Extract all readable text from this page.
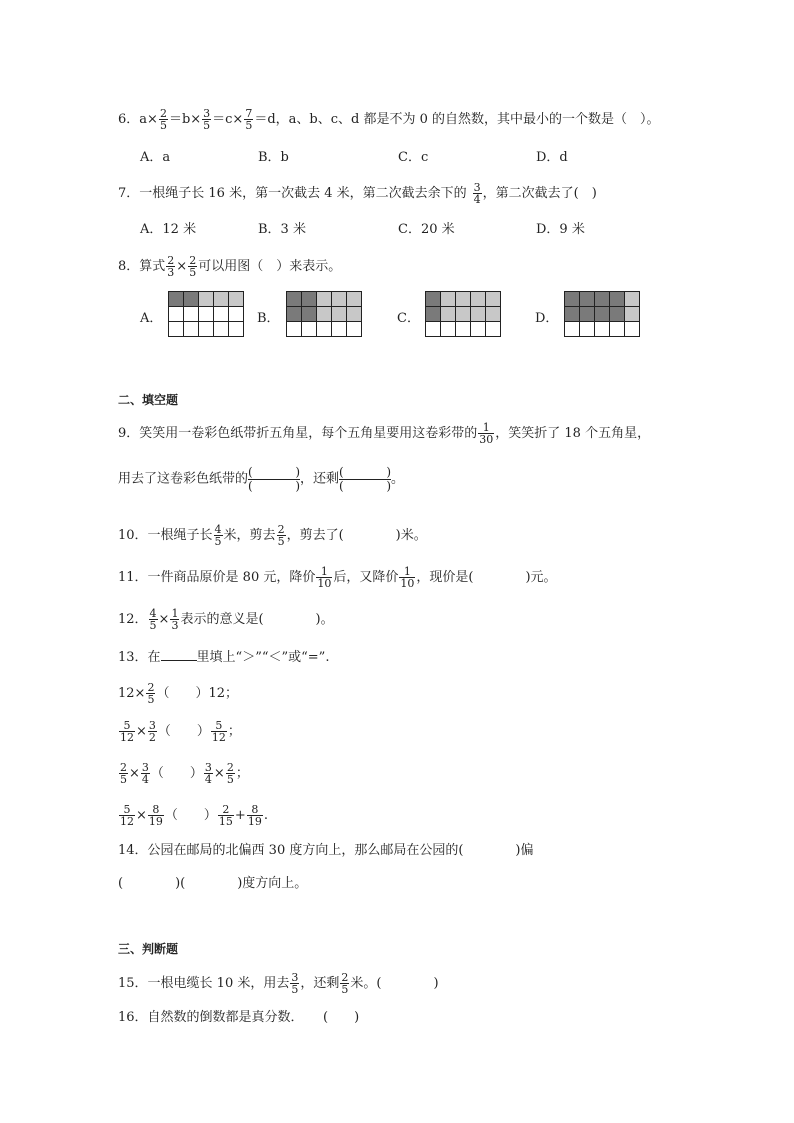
6．$a\times \frac{2}{5} =b\times \frac{3}{5} =c\times \frac{7}{5} =d$，a、b、c、d 都是不为 0 的自然数，其中最小的一个数是（　）。
A．a	B．b	C．c	D．d
7．一根绳子长 16 米，第一次截去 4 米，第二次截去余下的 $\frac{3}{4}$ ，第二次截去了(　)
A．12 米	B．3 米	C．20 米	D．9 米
8．算式 $\frac{2}{3} \times \frac{2}{5}$ 可以用图（　）来表示。
A．	B．	C．	D．
二、填空题
9．笑笑用一卷彩色纸带折五角星，每个五角星要用这卷彩带的 $\frac{1}{30}$ ，笑笑折了 18 个五角星，
用去了这卷彩色纸带的 (	)
(	) ，还剩 (	)
(	) 。
10．一根绳子长 $\frac{4}{5}$ 米，剪去 $\frac{2}{5}$ ，剪去了(　　　　)米。
11．一件商品原价是 80 元，降价 $\frac{1}{10}$ 后，又降价 $\frac{1}{10}$ ，现价是(　　　　)元。
12． $\frac{4}{5} \times \frac{1}{3}$ 表示的意义是(　　　　)。
13．在	里填上“＞”“＜”或“=”.
$12\times \frac{2}{5}$ （　　）12；
$\frac{5}{12} \times \frac{3}{2}$ （　　） $\frac{5}{12}$ ；
$\frac{2}{5} \times \frac{3}{4}$ （　　） $\frac{3}{4} \times \frac{2}{5}$ ；
$\frac{5}{12} \times \frac{8}{19}$ （　　） $\frac{2}{15} + \frac{8}{19}$ .
14．公园在邮局的北偏西 30 度方向上，那么邮局在公园的(　　　　)偏
(　　　　)(　　　　)度方向上。
三、判断题
15．一根电缆长 10 米，用去 $\frac{3}{5}$ ，还剩 $\frac{2}{5}$ 米。(　　　　)
16．自然数的倒数都是真分数．　　(　　)
